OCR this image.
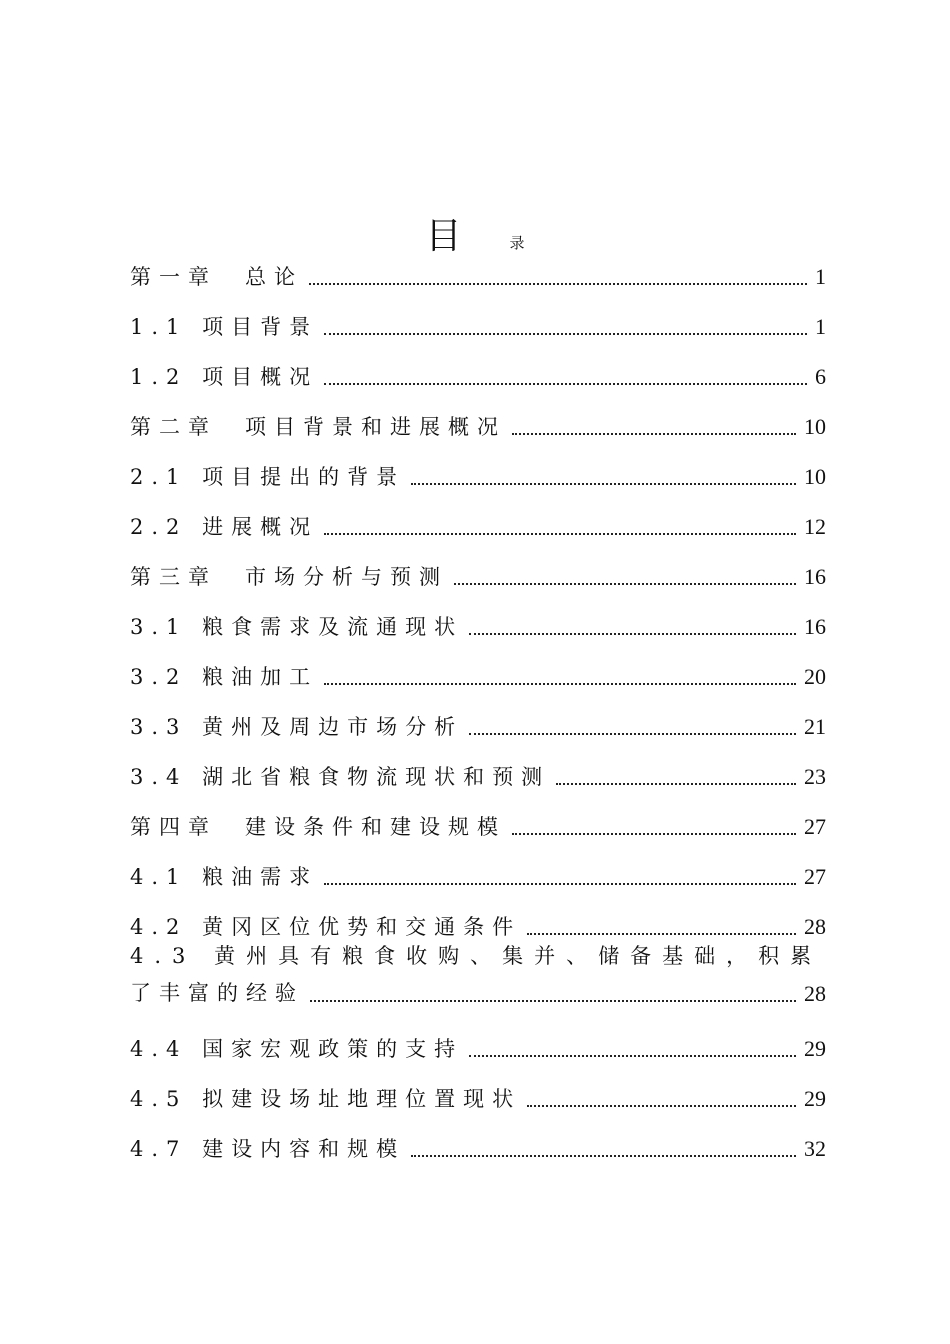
目	录
第一章 总论	1
1.1 项目背景	1
1.2 项目概况	6
第二章 项目背景和进展概况	10
2.1 项目提出的背景	10
2.2 进展概况	12
第三章 市场分析与预测	16
3.1 粮食需求及流通现状	16
3.2 粮油加工	20
3.3 黄州及周边市场分析	21
3.4 湖北省粮食物流现状和预测	23
第四章 建设条件和建设规模	27
4.1 粮油需求	27
4.2 黄冈区位优势和交通条件	28
4.3 黄州具有粮食收购、集并、储备基础，积累
了丰富的经验	28
4.4 国家宏观政策的支持	29
4.5 拟建设场址地理位置现状	29
4.7 建设内容和规模	32
